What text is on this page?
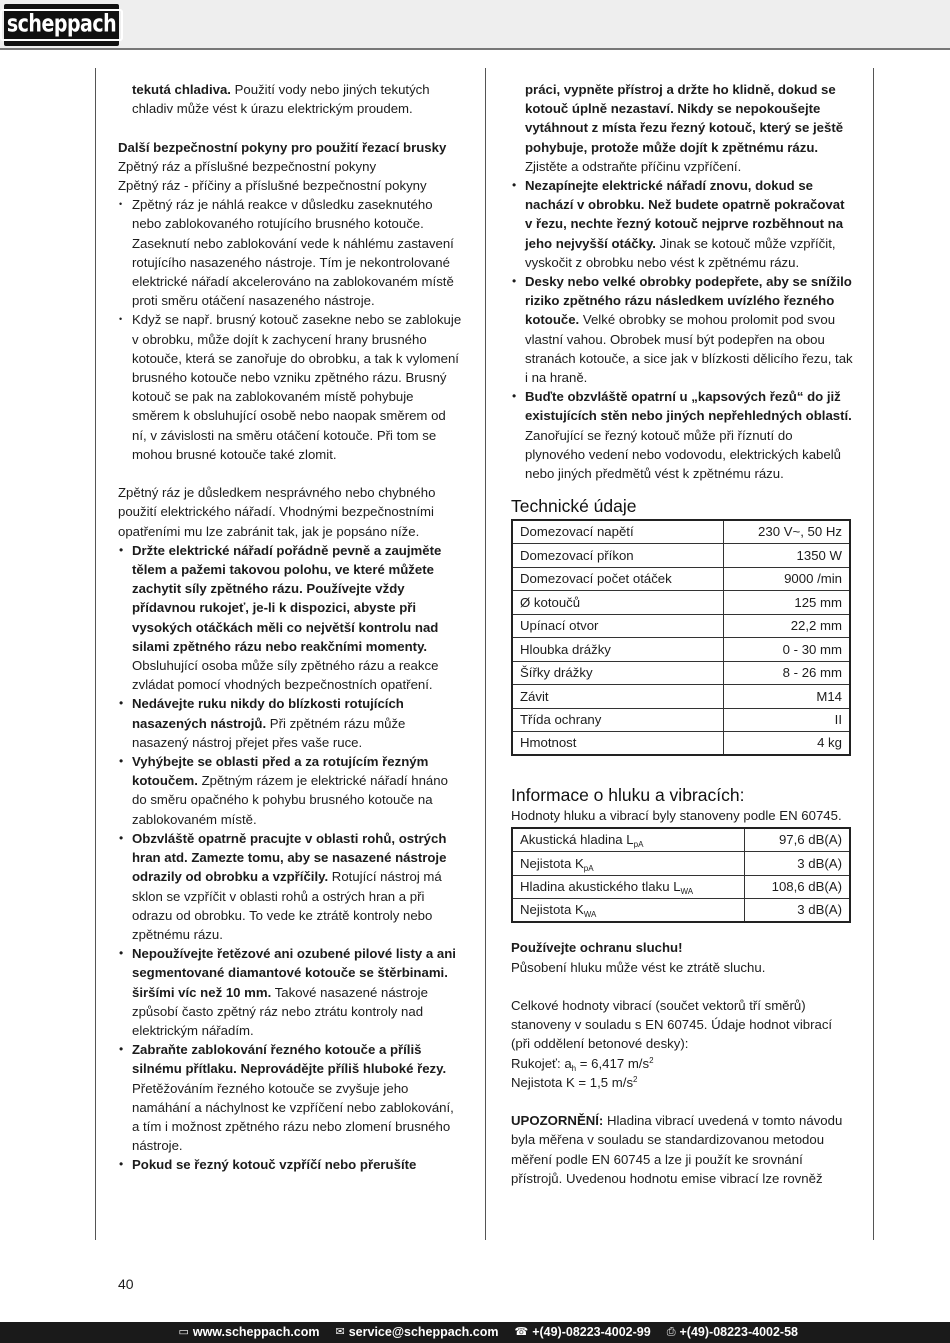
scheppach

tekutá chladiva. Použití vody nebo jiných tekutých chladiv může vést k úrazu elektrickým proudem.

Další bezpečnostní pokyny pro použití řezací brusky

Zpětný ráz a příslušné bezpečnostní pokyny

Zpětný ráz - příčiny a příslušné bezpečnostní pokyny

• Zpětný ráz je náhlá reakce v důsledku zaseknutého nebo zablokovaného rotujícího brusného kotouče. Zaseknutí nebo zablokování vede k náhlému zastavení rotujícího nasazeného nástroje. Tím je nekontrolované elektrické nářadí akcelerováno na zablokovaném místě proti směru otáčení nasazeného nástroje.
• Když se např. brusný kotouč zasekne nebo se zablokuje v obrobku, může dojít k zachycení hrany brusného kotouče, která se zanořuje do obrobku, a tak k vylomení brusného kotouče nebo vzniku zpětného rázu. Brusný kotouč se pak na zablokovaném místě pohybuje směrem k obsluhující osobě nebo naopak směrem od ní, v závislosti na směru otáčení kotouče. Při tom se mohou brusné kotouče také zlomit.

Zpětný ráz je důsledkem nesprávného nebo chybného použití elektrického nářadí. Vhodnými bezpečnostními opatřeními mu lze zabránit tak, jak je popsáno níže.

• Držte elektrické nářadí pořádně pevně a zaujměte tělem a pažemi takovou polohu, ve které můžete zachytit síly zpětného rázu. Používejte vždy přídavnou rukojeť, je-li k dispozici, abyste při vysokých otáčkách měli co největší kontrolu nad silami zpětného rázu nebo reakčními momenty. Obsluhující osoba může síly zpětného rázu a reakce zvládat pomocí vhodných bezpečnostních opatření.
• Nedávejte ruku nikdy do blízkosti rotujících nasazených nástrojů. Při zpětném rázu může nasazený nástroj přejet přes vaše ruce.
• Vyhýbejte se oblasti před a za rotujícím řezným kotoučem. Zpětným rázem je elektrické nářadí hnáno do směru opačného k pohybu brusného kotouče na zablokovaném místě.
• Obzvláště opatrně pracujte v oblasti rohů, ostrých hran atd. Zamezte tomu, aby se nasazené nástroje odrazily od obrobku a vzpříčily. Rotující nástroj má sklon se vzpříčit v oblasti rohů a ostrých hran a při odrazu od obrobku. To vede ke ztrátě kontroly nebo zpětnému rázu.
• Nepoužívejte řetězové ani ozubené pilové listy a ani segmentované diamantové kotouče se štěrbinami. širšími víc než 10 mm. Takové nasazené nástroje způsobí často zpětný ráz nebo ztrátu kontroly nad elektrickým nářadím.
• Zabraňte zablokování řezného kotouče a příliš silnému přítlaku. Neprovádějte příliš hluboké řezy. Přetěžováním řezného kotouče se zvyšuje jeho namáhání a náchylnost ke vzpříčení nebo zablokování, a tím i možnost zpětného rázu nebo zlomení brusného nástroje.
• Pokud se řezný kotouč vzpříčí nebo přerušíte

práci, vypněte přístroj a držte ho klidně, dokud se kotouč úplně nezastaví. Nikdy se nepokoušejte vytáhnout z místa řezu řezný kotouč, který se ještě pohybuje, protože může dojít k zpětnému rázu. Zjistěte a odstraňte příčinu vzpříčení.

• Nezapínejte elektrické nářadí znovu, dokud se nachází v obrobku. Než budete opatrně pokračovat v řezu, nechte řezný kotouč nejprve rozběhnout na jeho nejvyšší otáčky. Jinak se kotouč může vzpříčit, vyskočit z obrobku nebo vést k zpětnému rázu.
• Desky nebo velké obrobky podepřete, aby se snížilo riziko zpětného rázu následkem uvízlého řezného kotouče. Velké obrobky se mohou prolomit pod svou vlastní vahou. Obrobek musí být podepřen na obou stranách kotouče, a sice jak v blízkosti dělicího řezu, tak i na hraně.
• Buďte obzvláště opatrní u „kapsových řezů“ do již existujících stěn nebo jiných nepřehledných oblastí. Zanořující se řezný kotouč může při říznutí do plynového vedení nebo vodovodu, elektrických kabelů nebo jiných předmětů vést k zpětnému rázu.
Technické údaje
Domezovací napětí	230 V~, 50 Hz
Domezovací příkon	1350 W
Domezovací počet otáček	9000 /min
Ø kotoučů	125 mm
Upínací otvor	22,2 mm
Hloubka drážky	0 - 30 mm
Šířky drážky	8 - 26 mm
Závit	M14
Třída ochrany	II
Hmotnost	4 kg
Informace o hluku a vibracích:

Hodnoty hluku a vibrací byly stanoveny podle EN 60745.

Akustická hladina $L_{pA}$	97,6 dB(A)
Nejistota $K_{pA}$	3 dB(A)
Hladina akustického tlaku $L_{WA}$	108,6 dB(A)
Nejistota $K_{WA}$	3 dB(A)

Používejte ochranu sluchu!

Působení hluku může vést ke ztrátě sluchu.

Celkové hodnoty vibrací (součet vektorů tří směrů) stanoveny v souladu s EN 60745. Údaje hodnot vibrací (při oddělení betonové desky):

Rukojeť: $a_h = 6,417$ $m/s^2$

Nejistota K = 1,5 $m/s^2$

UPOZORNĚNÍ: Hladina vibrací uvedená v tomto návodu byla měřena v souladu se standardizovanou metodou měření podle EN 60745 a lze ji použít ke srovnání přístrojů. Uvedenou hodnotu emise vibrací lze rovněž

40
▭ www.scheppach.com ✉ service@scheppach.com ☎ +(49)-08223-4002-99 ⎙ +(49)-08223-4002-58
